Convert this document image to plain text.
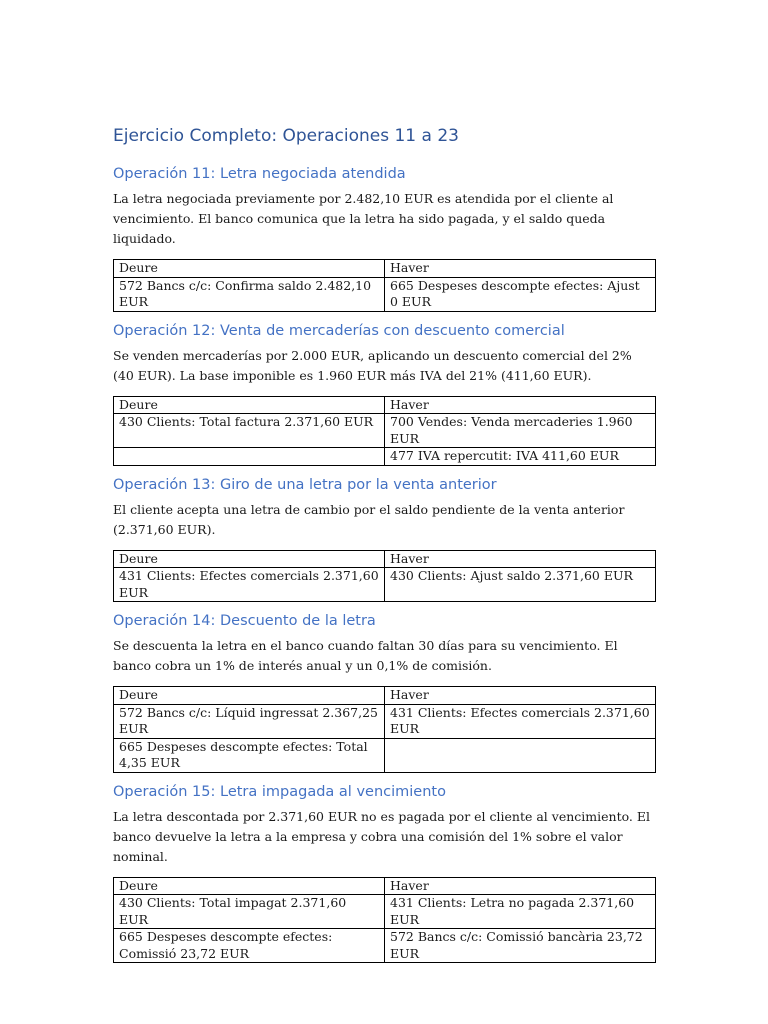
Ejercicio Completo: Operaciones 11 a 23
Operación 11: Letra negociada atendida

La letra negociada previamente por 2.482,10 EUR es atendida por el cliente al vencimiento. El banco comunica que la letra ha sido pagada, y el saldo queda liquidado.

Deure	Haver
572 Bancs c/c: Confirma saldo 2.482,10 EUR	665 Despeses descompte efectes: Ajust 0 EUR
Operación 12: Venta de mercaderías con descuento comercial

Se venden mercaderías por 2.000 EUR, aplicando un descuento comercial del 2% (40 EUR). La base imponible es 1.960 EUR más IVA del 21% (411,60 EUR).

Deure	Haver
430 Clients: Total factura 2.371,60 EUR	700 Vendes: Venda mercaderies 1.960 EUR
	477 IVA repercutit: IVA 411,60 EUR
Operación 13: Giro de una letra por la venta anterior

El cliente acepta una letra de cambio por el saldo pendiente de la venta anterior (2.371,60 EUR).

Deure	Haver
431 Clients: Efectes comercials 2.371,60 EUR	430 Clients: Ajust saldo 2.371,60 EUR
Operación 14: Descuento de la letra

Se descuenta la letra en el banco cuando faltan 30 días para su vencimiento. El banco cobra un 1% de interés anual y un 0,1% de comisión.

Deure	Haver
572 Bancs c/c: Líquid ingressat 2.367,25 EUR	431 Clients: Efectes comercials 2.371,60 EUR
665 Despeses descompte efectes: Total 4,35 EUR	
Operación 15: Letra impagada al vencimiento

La letra descontada por 2.371,60 EUR no es pagada por el cliente al vencimiento. El banco devuelve la letra a la empresa y cobra una comisión del 1% sobre el valor nominal.

Deure	Haver
430 Clients: Total impagat 2.371,60 EUR	431 Clients: Letra no pagada 2.371,60 EUR
665 Despeses descompte efectes: Comissió 23,72 EUR	572 Bancs c/c: Comissió bancària 23,72 EUR
